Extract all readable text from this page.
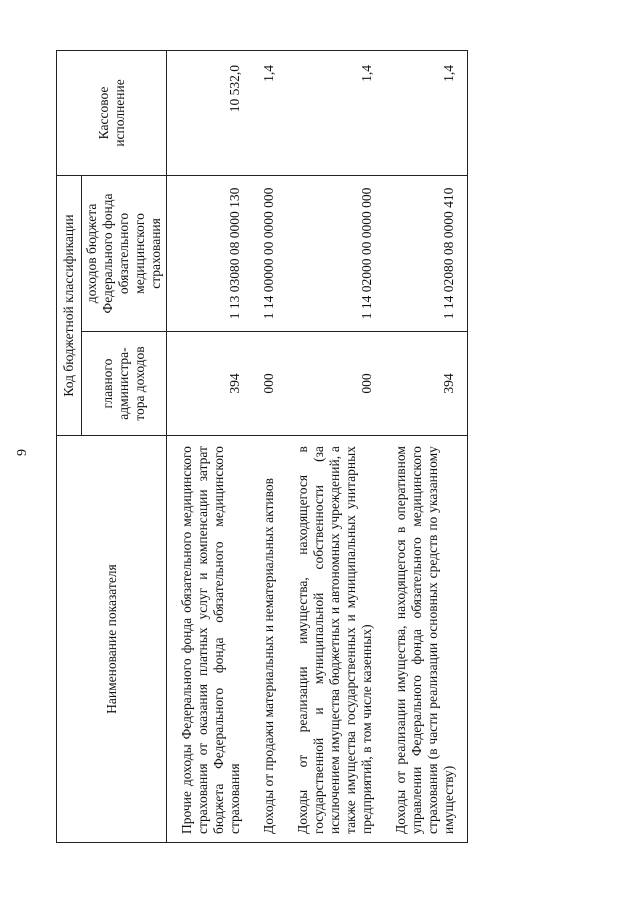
9
Наименование показателя	Код бюджетной классификации		Кассовое исполнение
	главного администра-тора доходов	доходов бюджета Федерального фонда обязательного медицинского страхования	
Прочие доходы Федерального фонда обязательного медицинского страхования от оказания платных услуг и компенсации затрат бюджета Федерального фонда обязательного медицинского страхования	394	1 13 03080 08 0000 130	10 532,0
Доходы от продажи материальных и нематериальных активов	000	1 14 00000 00 0000 000	1,4
Доходы от реализации имущества, находящегося в государственной и муниципальной собственности (за исключением имущества бюджетных и автономных учреждений, а также имущества государственных и муниципальных унитарных предприятий, в том числе казенных)	000	1 14 02000 00 0000 000	1,4
Доходы от реализации имущества, находящегося в оперативном управлении Федерального фонда обязательного медицинского страхования (в части реализации основных средств по указанному имуществу)	394	1 14 02080 08 0000 410	1,4
